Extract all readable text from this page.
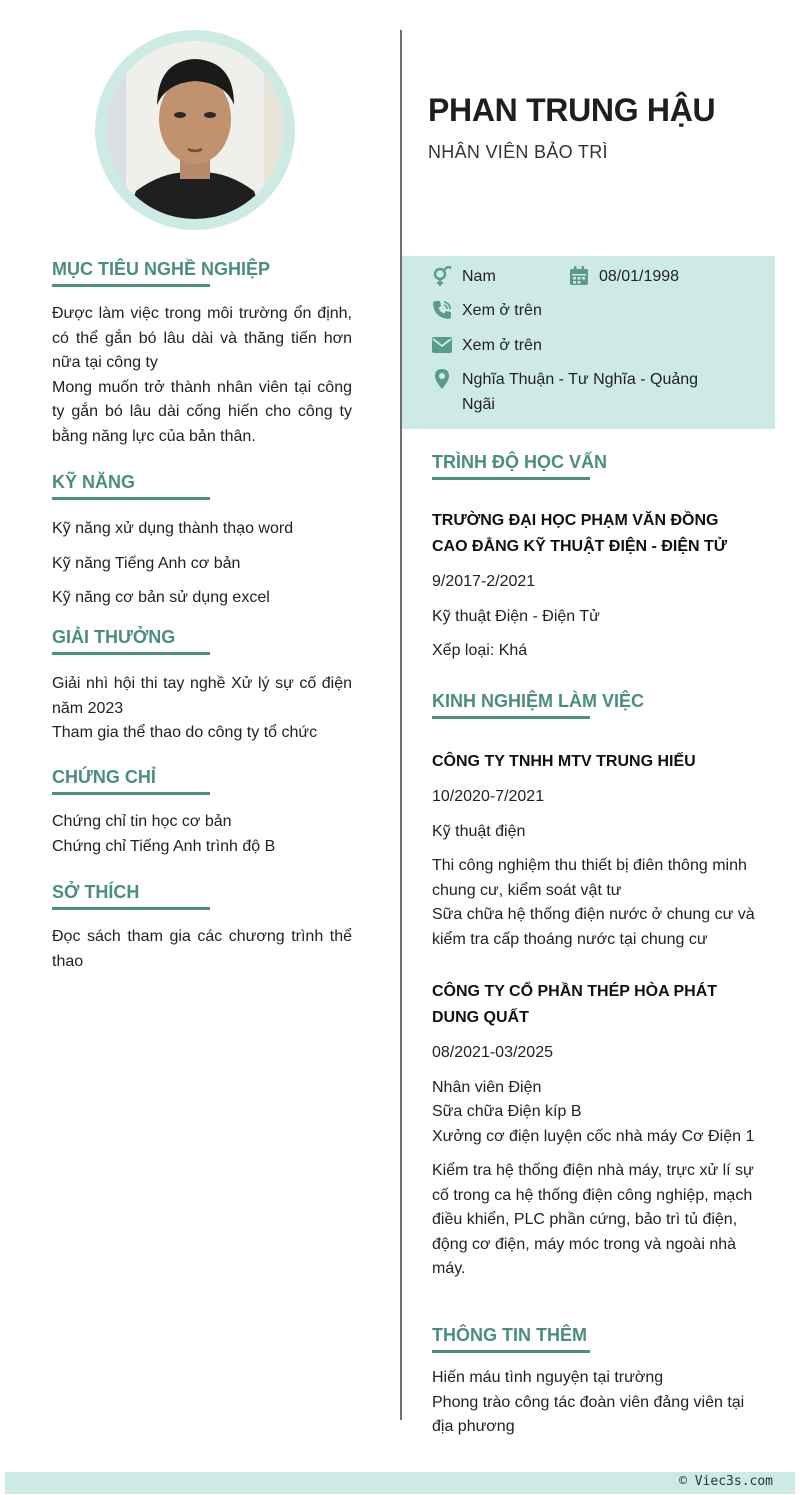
MỤC TIÊU NGHỀ NGHIỆP
Được làm việc trong môi trường ổn định, có thể gắn bó lâu dài và thăng tiến hơn nữa tại công ty
Mong muốn trở thành nhân viên tại công ty gắn bó lâu dài cống hiến cho công ty bằng năng lực của bản thân.
KỸ NĂNG
Kỹ năng xử dụng thành thạo word
Kỹ năng Tiếng Anh cơ bản
Kỹ năng cơ bản sử dụng excel
GIẢI THƯỞNG
Giải nhì hội thi tay nghề Xử lý sự cố điện năm 2023
Tham gia thể thao do công ty tổ chức
CHỨNG CHỈ
Chứng chỉ tin học cơ bản
Chứng chỉ Tiếng Anh trình độ B
SỞ THÍCH
Đọc sách tham gia các chương trình thể thao
PHAN TRUNG HẬU
NHÂN VIÊN BẢO TRÌ
Nam	08/01/1998
Xem ở trên
Xem ở trên
Nghĩa Thuận - Tư Nghĩa - Quảng
Ngãi
TRÌNH ĐỘ HỌC VẤN
TRƯỜNG ĐẠI HỌC PHẠM VĂN ĐỒNG CAO ĐẲNG KỸ THUẬT ĐIỆN - ĐIỆN TỬ
9/2017-2/2021
Kỹ thuật Điện - Điện Tử
Xếp loại: Khá
KINH NGHIỆM LÀM VIỆC
CÔNG TY TNHH MTV TRUNG HIẾU
10/2020-7/2021
Kỹ thuật điện
Thi công nghiệm thu thiết bị điên thông minh chung cư, kiểm soát vật tư
Sữa chữa hệ thống điện nước ở chung cư và kiểm tra cấp thoáng nước tại chung cư
CÔNG TY CỔ PHẦN THÉP HÒA PHÁT DUNG QUẤT
08/2021-03/2025
Nhân viên Điện
Sữa chữa Điện kíp B
Xưởng cơ điện luyện cốc nhà máy Cơ Điện 1
Kiểm tra hệ thống điện nhà máy, trực xử lí sự cố trong ca hệ thống điện công nghiệp, mạch điều khiển, PLC phần cứng, bảo trì tủ điện, động cơ điện, máy móc trong và ngoài nhà máy.
THÔNG TIN THÊM
Hiến máu tình nguyện tại trường
Phong trào công tác đoàn viên đảng viên tại địa phương
© Viec3s.com
